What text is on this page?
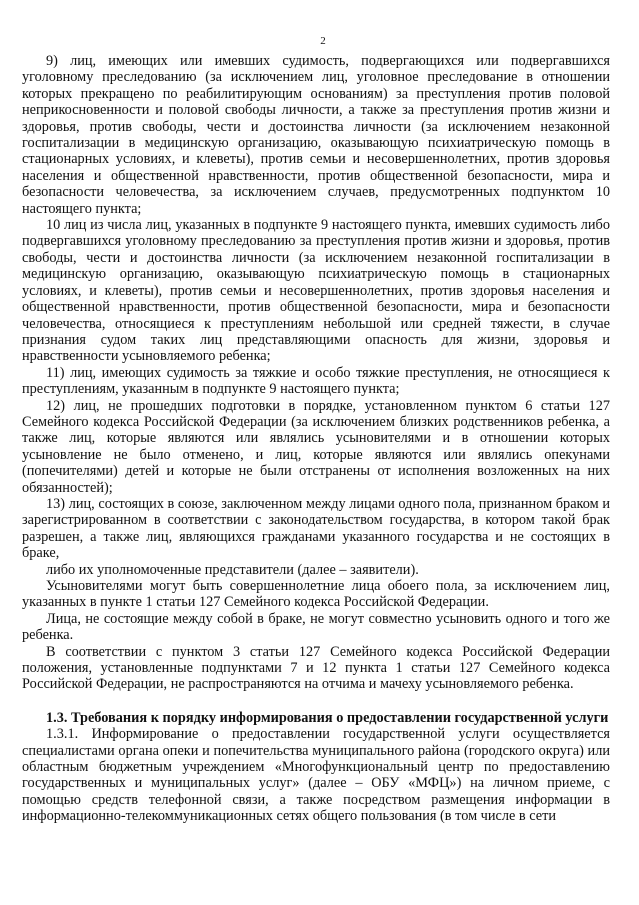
2

9) лиц, имеющих или имевших судимость, подвергающихся или подвергавшихся уголовному преследованию (за исключением лиц, уголовное преследование в отношении которых прекращено по реабилитирующим основаниям) за преступления против половой неприкосновенности и половой свободы личности, а также за преступления против жизни и здоровья, против свободы, чести и достоинства личности (за исключением незаконной госпитализации в медицинскую организацию, оказывающую психиатрическую помощь в стационарных условиях, и клеветы), против семьи и несовершеннолетних, против здоровья населения и общественной нравственности, против общественной безопасности, мира и безопасности человечества, за исключением случаев, предусмотренных подпунктом 10 настоящего пункта;

10 лиц из числа лиц, указанных в подпункте 9 настоящего пункта, имевших судимость либо подвергавшихся уголовному преследованию за преступления против жизни и здоровья, против свободы, чести и достоинства личности (за исключением незаконной госпитализации в медицинскую организацию, оказывающую психиатрическую помощь в стационарных условиях, и клеветы), против семьи и несовершеннолетних, против здоровья населения и общественной нравственности, против общественной безопасности, мира и безопасности человечества, относящиеся к преступлениям небольшой или средней тяжести, в случае признания судом таких лиц представляющими опасность для жизни, здоровья и нравственности усыновляемого ребенка;

11) лиц, имеющих судимость за тяжкие и особо тяжкие преступления, не относящиеся к преступлениям, указанным в подпункте 9 настоящего пункта;

12) лиц, не прошедших подготовки в порядке, установленном пунктом 6 статьи 127 Семейного кодекса Российской Федерации (за исключением близких родственников ребенка, а также лиц, которые являются или являлись усыновителями и в отношении которых усыновление не было отменено, и лиц, которые являются или являлись опекунами (попечителями) детей и которые не были отстранены от исполнения возложенных на них обязанностей);

13) лиц, состоящих в союзе, заключенном между лицами одного пола, признанном браком и зарегистрированном в соответствии с законодательством государства, в котором такой брак разрешен, а также лиц, являющихся гражданами указанного государства и не состоящих в браке,

либо их уполномоченные представители (далее – заявители).

Усыновителями могут быть совершеннолетние лица обоего пола, за исключением лиц, указанных в пункте 1 статьи 127 Семейного кодекса Российской Федерации.

Лица, не состоящие между собой в браке, не могут совместно усыновить одного и того же ребенка.

В соответствии с пунктом 3 статьи 127 Семейного кодекса Российской Федерации положения, установленные подпунктами 7 и 12 пункта 1 статьи 127 Семейного кодекса Российской Федерации, не распространяются на отчима и мачеху усыновляемого ребенка.

1.3. Требования к порядку информирования о предоставлении государственной услуги

1.3.1. Информирование о предоставлении государственной услуги осуществляется специалистами органа опеки и попечительства муниципального района (городского округа) или областным бюджетным учреждением «Многофункциональный центр по предоставлению государственных и муниципальных услуг» (далее – ОБУ «МФЦ») на личном приеме, с помощью средств телефонной связи, а также посредством размещения информации в информационно-телекоммуникационных сетях общего пользования (в том числе в сети
